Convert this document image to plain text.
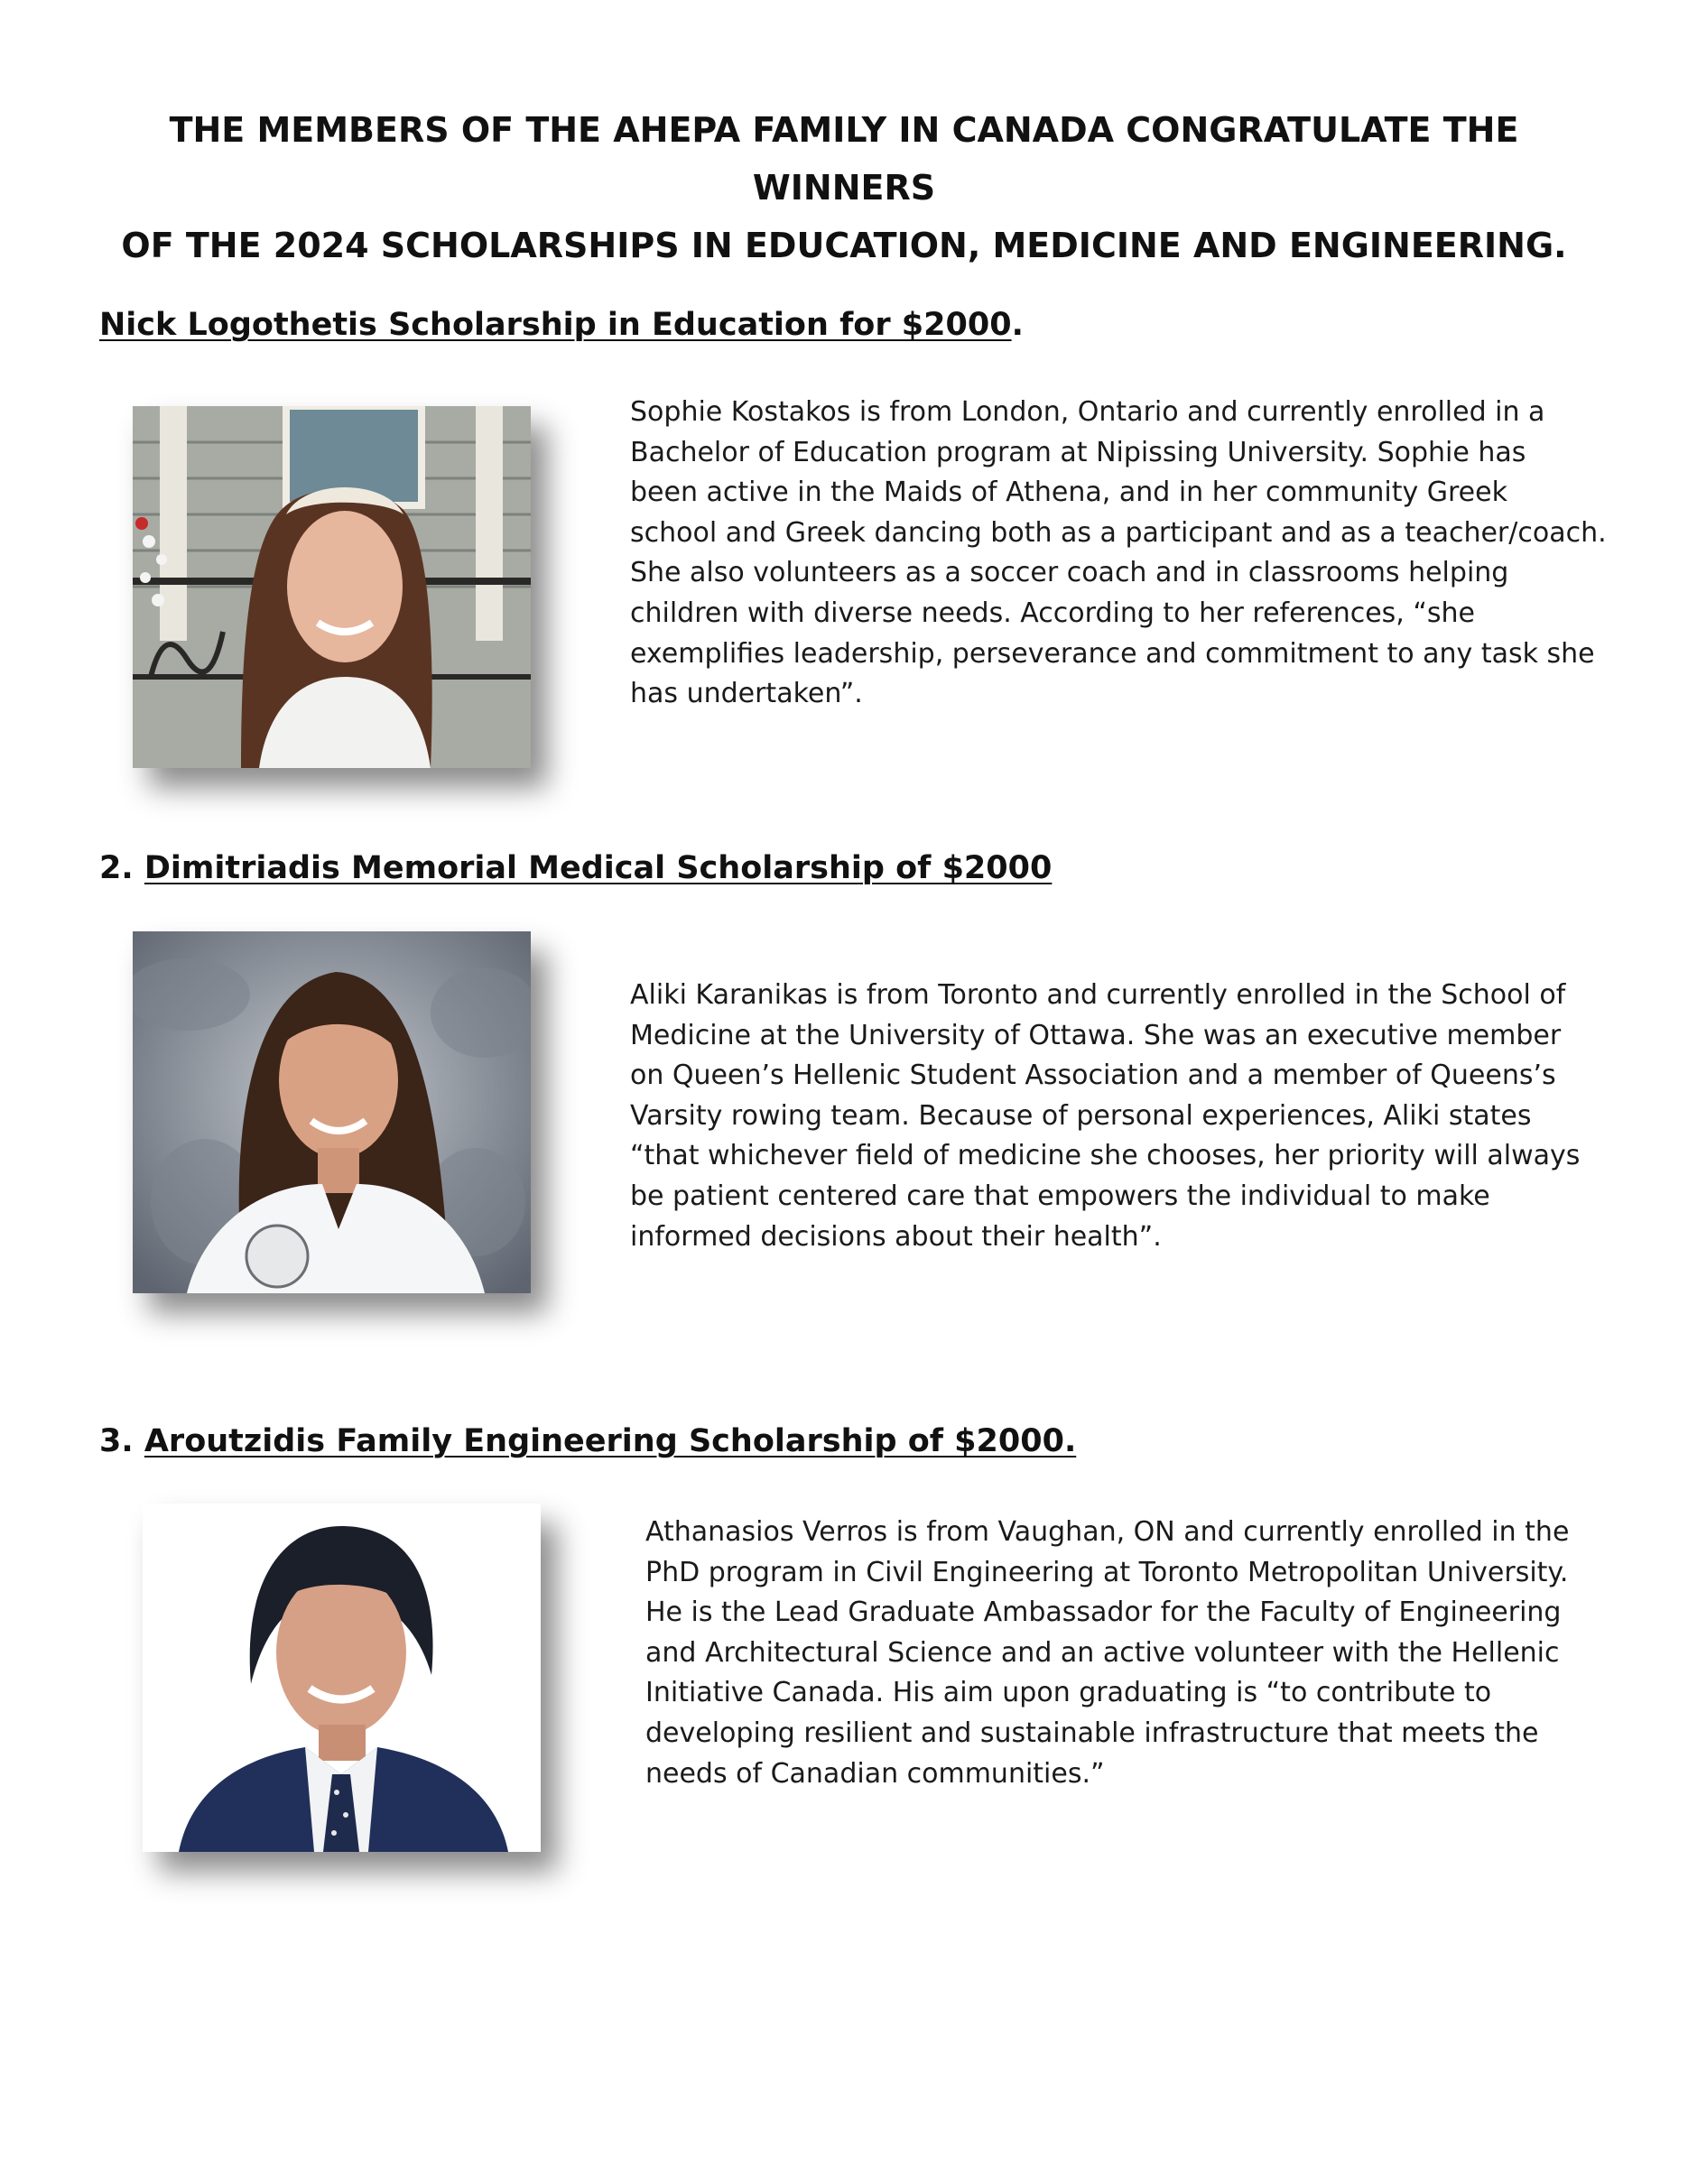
THE MEMBERS OF THE AHEPA FAMILY IN CANADA CONGRATULATE THE WINNERS
OF THE 2024 SCHOLARSHIPS IN EDUCATION, MEDICINE AND ENGINEERING.
Nick Logothetis Scholarship in Education for $2000.

Sophie Kostakos is from London, Ontario and currently enrolled in a
Bachelor of Education program at Nipissing University. Sophie has
been active in the Maids of Athena, and in her community Greek
school and Greek dancing both as a participant and as a teacher/coach.
She also volunteers as a soccer coach and in classrooms helping
children with diverse needs. According to her references, “she
exemplifies leadership, perseverance and commitment to any task she
has undertaken”.

2. Dimitriadis Memorial Medical Scholarship of $2000

Aliki Karanikas is from Toronto and currently enrolled in the School of
Medicine at the University of Ottawa. She was an executive member
on Queen’s Hellenic Student Association and a member of Queens’s
Varsity rowing team. Because of personal experiences, Aliki states
“that whichever field of medicine she chooses, her priority will always
be patient centered care that empowers the individual to make
informed decisions about their health”.

3. Aroutzidis Family Engineering Scholarship of $2000.

Athanasios Verros is from Vaughan, ON and currently enrolled in the
PhD program in Civil Engineering at Toronto Metropolitan University.
He is the Lead Graduate Ambassador for the Faculty of Engineering
and Architectural Science and an active volunteer with the Hellenic
Initiative Canada. His aim upon graduating is “to contribute to
developing resilient and sustainable infrastructure that meets the
needs of Canadian communities.”
